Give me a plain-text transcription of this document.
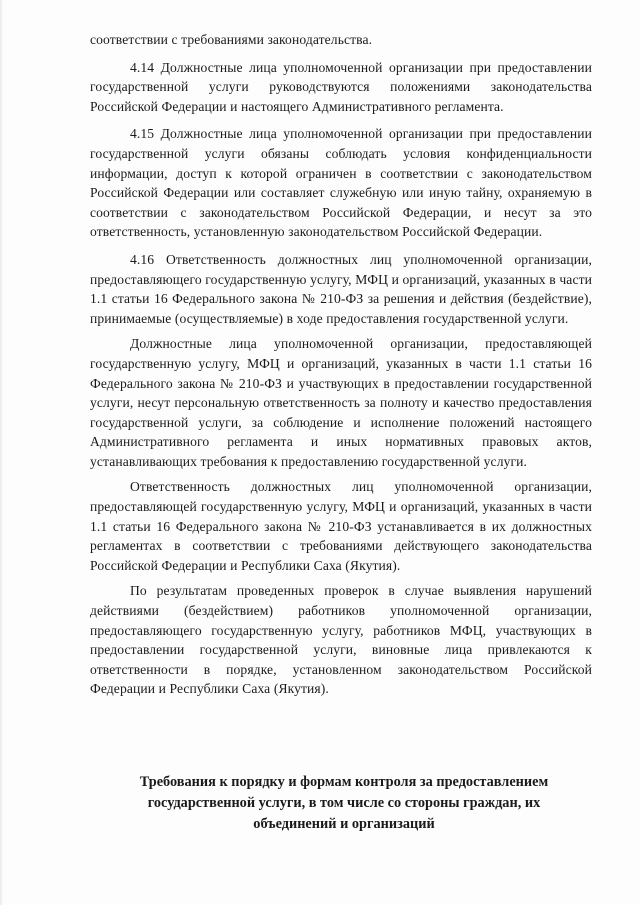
соответствии с требованиями законодательства.

4.14 Должностные лица уполномоченной организации при предоставлении государственной услуги руководствуются положениями законодательства Российской Федерации и настоящего Административного регламента.

4.15 Должностные лица уполномоченной организации при предоставлении государственной услуги обязаны соблюдать условия конфиденциальности информации, доступ к которой ограничен в соответствии с законодательством Российской Федерации или составляет служебную или иную тайну, охраняемую в соответствии с законодательством Российской Федерации, и несут за это ответственность, установленную законодательством Российской Федерации.

4.16 Ответственность должностных лиц уполномоченной организации, предоставляющего государственную услугу, МФЦ и организаций, указанных в части 1.1 статьи 16 Федерального закона № 210-ФЗ за решения и действия (бездействие), принимаемые (осуществляемые) в ходе предоставления государственной услуги.

Должностные лица уполномоченной организации, предоставляющей государственную услугу, МФЦ и организаций, указанных в части 1.1 статьи 16 Федерального закона № 210-ФЗ и участвующих в предоставлении государственной услуги, несут персональную ответственность за полноту и качество предоставления государственной услуги, за соблюдение и исполнение положений настоящего Административного регламента и иных нормативных правовых актов, устанавливающих требования к предоставлению государственной услуги.

Ответственность должностных лиц уполномоченной организации, предоставляющей государственную услугу, МФЦ и организаций, указанных в части 1.1 статьи 16 Федерального закона № 210-ФЗ устанавливается в их должностных регламентах в соответствии с требованиями действующего законодательства Российской Федерации и Республики Саха (Якутия).

По результатам проведенных проверок в случае выявления нарушений действиями (бездействием) работников уполномоченной организации, предоставляющего государственную услугу, работников МФЦ, участвующих в предоставлении государственной услуги, виновные лица привлекаются к ответственности в порядке, установленном законодательством Российской Федерации и Республики Саха (Якутия).

Требования к порядку и формам контроля за предоставлением государственной услуги, в том числе со стороны граждан, их объединений и организаций
